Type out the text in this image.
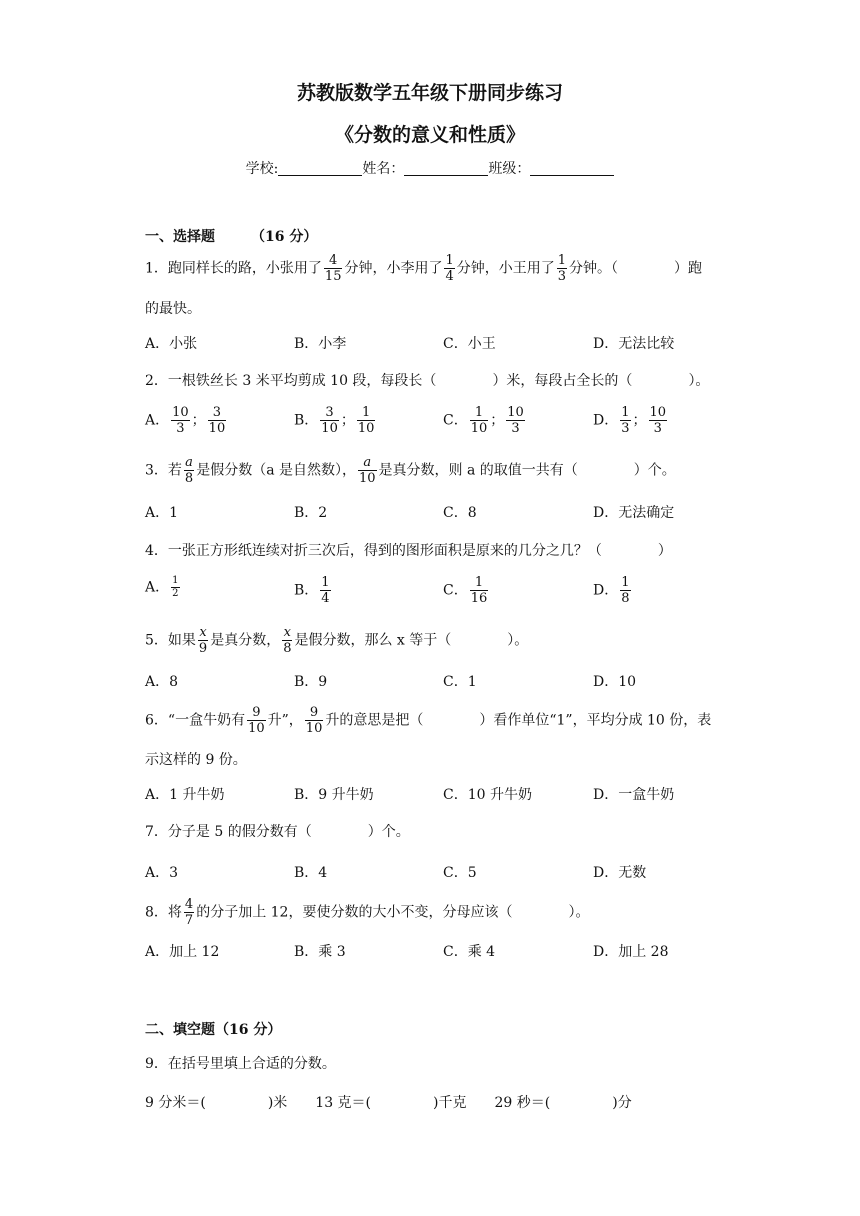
苏教版数学五年级下册同步练习
《分数的意义和性质》
学校:	姓名：	班级：
一、选择题	（16 分）
1．跑同样长的路，小张用了 $\frac{4}{15}$ 分钟，小李用了 $\frac{1}{4}$ 分钟，小王用了 $\frac{1}{3}$ 分钟。（	）跑
的最快。
A．小张	B．小李	C．小王	D．无法比较
2．一根铁丝长 3 米平均剪成 10 段，每段长（	）米，每段占全长的（	）。
A． $\frac{10}{3}$ ； $\frac{3}{10}$	B． $\frac{3}{10}$ ； $\frac{1}{10}$	C． $\frac{1}{10}$ ； $\frac{10}{3}$	D． $\frac{1}{3}$ ； $\frac{10}{3}$
3．若 $\frac{a}{8}$ 是假分数（a 是自然数）， $\frac{a}{10}$ 是真分数，则 a 的取值一共有（	）个。
A．1	B．2	C．8	D．无法确定
4．一张正方形纸连续对折三次后，得到的图形面积是原来的几分之几？（	）
A． $\frac{1}{2}$	B． $\frac{1}{4}$	C． $\frac{1}{16}$	D． $\frac{1}{8}$
5．如果 $\frac{x}{9}$ 是真分数， $\frac{x}{8}$ 是假分数，那么 x 等于（	）。
A．8	B．9	C．1	D．10
6．“一盒牛奶有 $\frac{9}{10}$ 升”， $\frac{9}{10}$ 升的意思是把（	）看作单位“1”，平均分成 10 份，表
示这样的 9 份。
A．1 升牛奶	B．9 升牛奶	C．10 升牛奶	D．一盒牛奶
7．分子是 5 的假分数有（	）个。
A．3	B．4	C．5	D．无数
8．将 $\frac{4}{7}$ 的分子加上 12，要使分数的大小不变，分母应该（	）。
A．加上 12	B．乘 3	C．乘 4	D．加上 28
二、填空题（16 分）
9．在括号里填上合适的分数。
9 分米＝(	)米 13 克＝(	)千克 29 秒＝(	)分
